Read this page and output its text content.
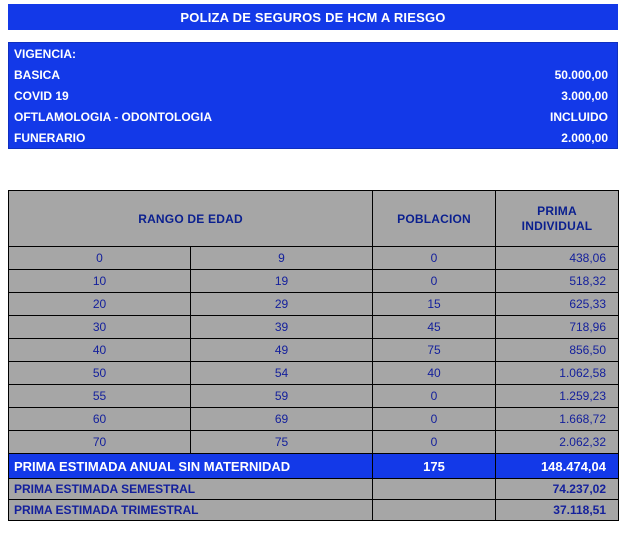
POLIZA DE SEGUROS DE HCM A RIESGO
VIGENCIA:
BASICA	50.000,00
COVID 19	3.000,00
OFTLAMOLOGIA - ODONTOLOGIA	INCLUIDO
FUNERARIO	2.000,00
RANGO DE EDAD		POBLACION	PRIMA
INDIVIDUAL
0	9	0	438,06
10	19	0	518,32
20	29	15	625,33
30	39	45	718,96
40	49	75	856,50
50	54	40	1.062,58
55	59	0	1.259,23
60	69	0	1.668,72
70	75	0	2.062,32
PRIMA ESTIMADA ANUAL SIN MATERNIDAD		175	148.474,04
PRIMA ESTIMADA SEMESTRAL			74.237,02
PRIMA ESTIMADA TRIMESTRAL			37.118,51
